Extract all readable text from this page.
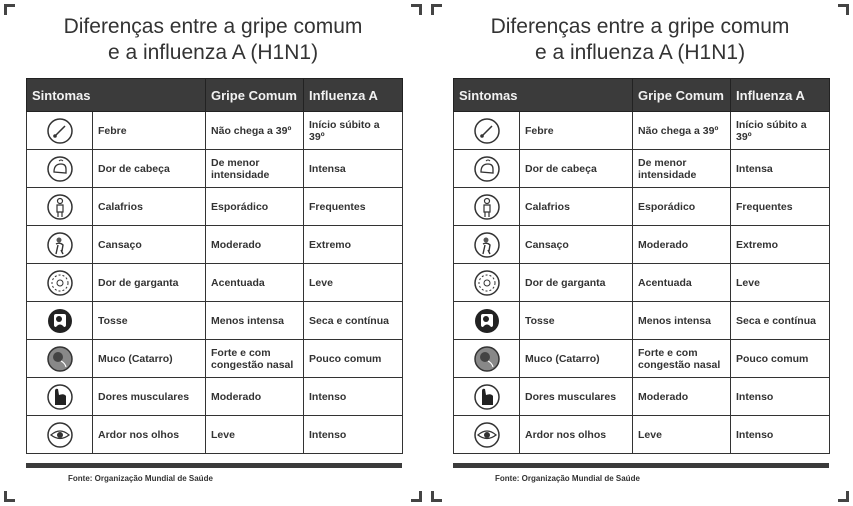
Diferenças entre a gripe comum
e a influenza A (H1N1)
Sintomas		Gripe Comum	Influenza A

	Febre	Não chega a 39º	Início súbito a 39º

	Dor de cabeça	De menor intensidade	Intensa

	Calafrios	Esporádico	Frequentes

	Cansaço	Moderado	Extremo

	Dor de garganta	Acentuada	Leve

	Tosse	Menos intensa	Seca e contínua

	Muco (Catarro)	Forte e com congestão nasal	Pouco comum

	Dores musculares	Moderado	Intenso

	Ardor nos olhos	Leve	Intenso
Fonte: Organização Mundial de Saúde
Diferenças entre a gripe comum
e a influenza A (H1N1)
Sintomas		Gripe Comum	Influenza A

	Febre	Não chega a 39º	Início súbito a 39º

	Dor de cabeça	De menor intensidade	Intensa

	Calafrios	Esporádico	Frequentes

	Cansaço	Moderado	Extremo

	Dor de garganta	Acentuada	Leve

	Tosse	Menos intensa	Seca e contínua

	Muco (Catarro)	Forte e com congestão nasal	Pouco comum

	Dores musculares	Moderado	Intenso

	Ardor nos olhos	Leve	Intenso
Fonte: Organização Mundial de Saúde
